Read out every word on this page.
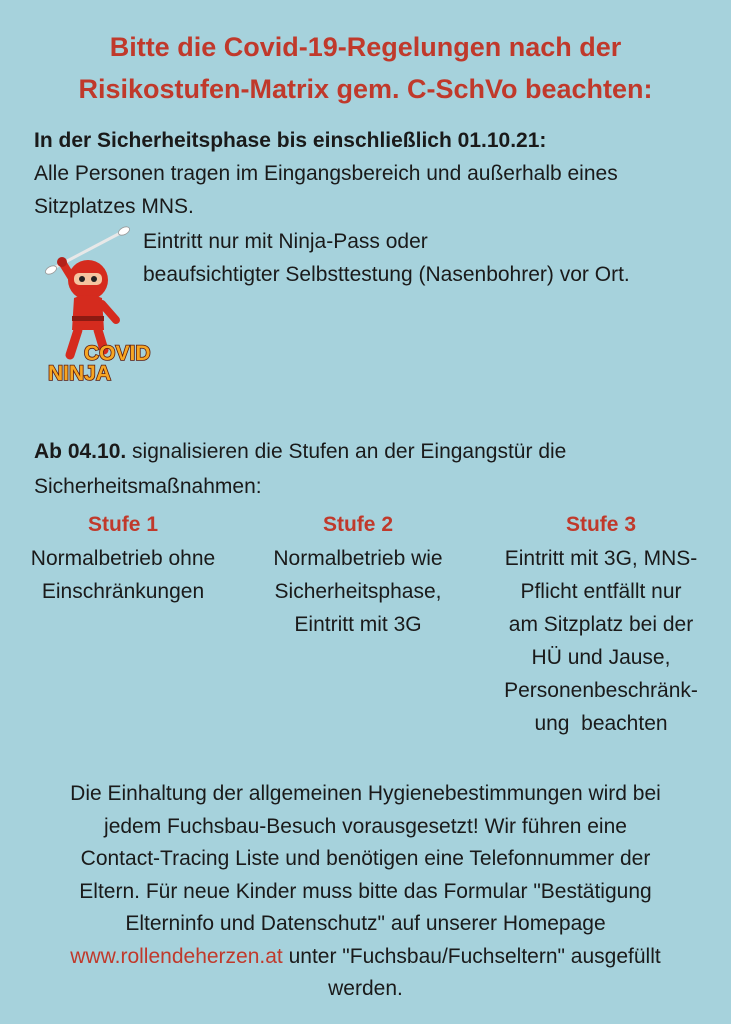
Bitte die Covid-19-Regelungen nach der
Risikostufen-Matrix gem. C-SchVo beachten:
In der Sicherheitsphase bis einschließlich 01.10.21:
Alle Personen tragen im Eingangsbereich und außerhalb eines
Sitzplatzes MNS.
COVID
NINJA
Eintritt nur mit Ninja-Pass oder
beaufsichtigter Selbsttestung (Nasenbohrer) vor Ort.
Ab 04.10. signalisieren die Stufen an der Eingangstür die
Sicherheitsmaßnahmen:
Stufe 1
Normalbetrieb ohne
Einschränkungen
Stufe 2
Normalbetrieb wie
Sicherheitsphase,
Eintritt mit 3G
Stufe 3
Eintritt mit 3G, MNS-
Pflicht entfällt nur
am Sitzplatz bei der
HÜ und Jause,
Personenbeschränk-
ung  beachten
Die Einhaltung der allgemeinen Hygienebestimmungen wird bei
jedem Fuchsbau-Besuch vorausgesetzt! Wir führen eine
Contact-Tracing Liste und benötigen eine Telefonnummer der
Eltern. Für neue Kinder muss bitte das Formular "Bestätigung
Elterninfo und Datenschutz" auf unserer Homepage
www.rollendeherzen.at unter "Fuchsbau/Fuchseltern" ausgefüllt
werden.
